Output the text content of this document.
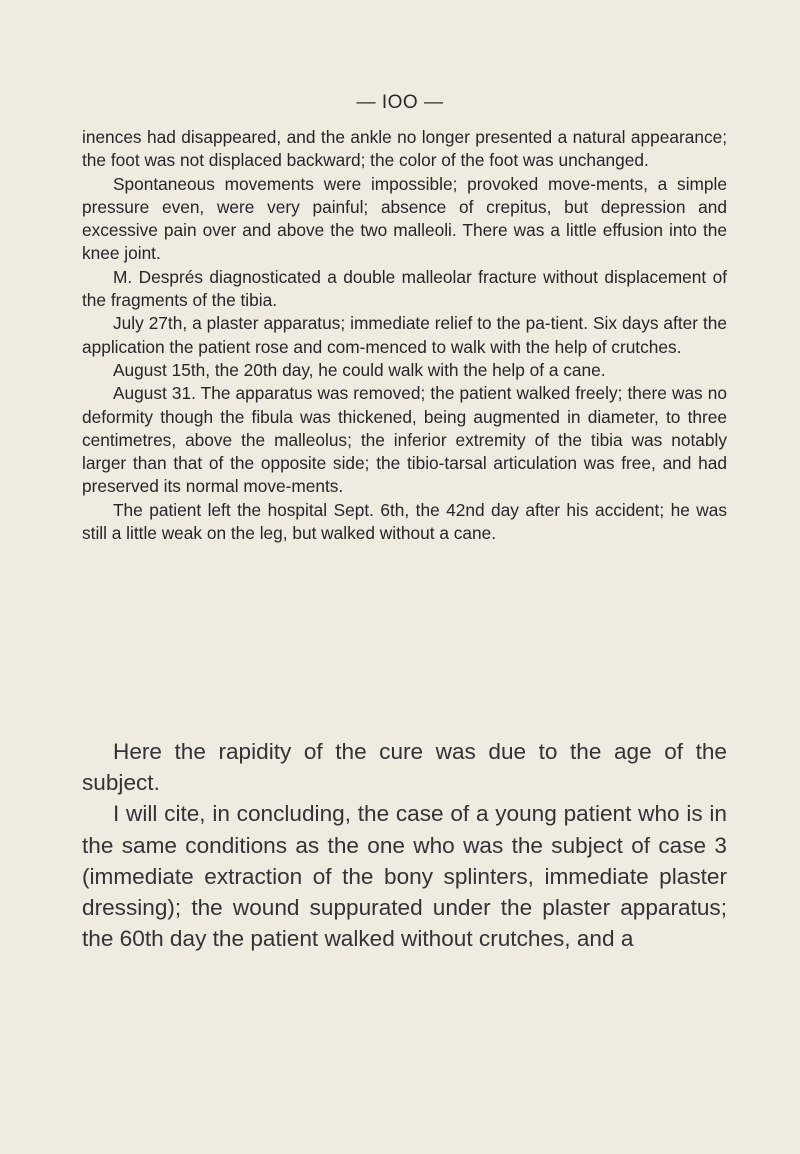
— IOO —

inences had disappeared, and the ankle no longer presented a natural appearance; the foot was not displaced backward; the color of the foot was unchanged.

Spontaneous movements were impossible; provoked move-ments, a simple pressure even, were very painful; absence of crepitus, but depression and excessive pain over and above the two malleoli. There was a little effusion into the knee joint.

M. Després diagnosticated a double malleolar fracture without displacement of the fragments of the tibia.

July 27th, a plaster apparatus; immediate relief to the pa-tient. Six days after the application the patient rose and com-menced to walk with the help of crutches.

August 15th, the 20th day, he could walk with the help of a cane.

August 31. The apparatus was removed; the patient walked freely; there was no deformity though the fibula was thickened, being augmented in diameter, to three centimetres, above the malleolus; the inferior extremity of the tibia was notably larger than that of the opposite side; the tibio-tarsal articulation was free, and had preserved its normal move-ments.

The patient left the hospital Sept. 6th, the 42nd day after his accident; he was still a little weak on the leg, but walked without a cane.

Here the rapidity of the cure was due to the age of the subject.

I will cite, in concluding, the case of a young patient who is in the same conditions as the one who was the subject of case 3 (immediate extraction of the bony splinters, immediate plaster dressing); the wound suppurated under the plaster apparatus; the 60th day the patient walked without crutches, and a
